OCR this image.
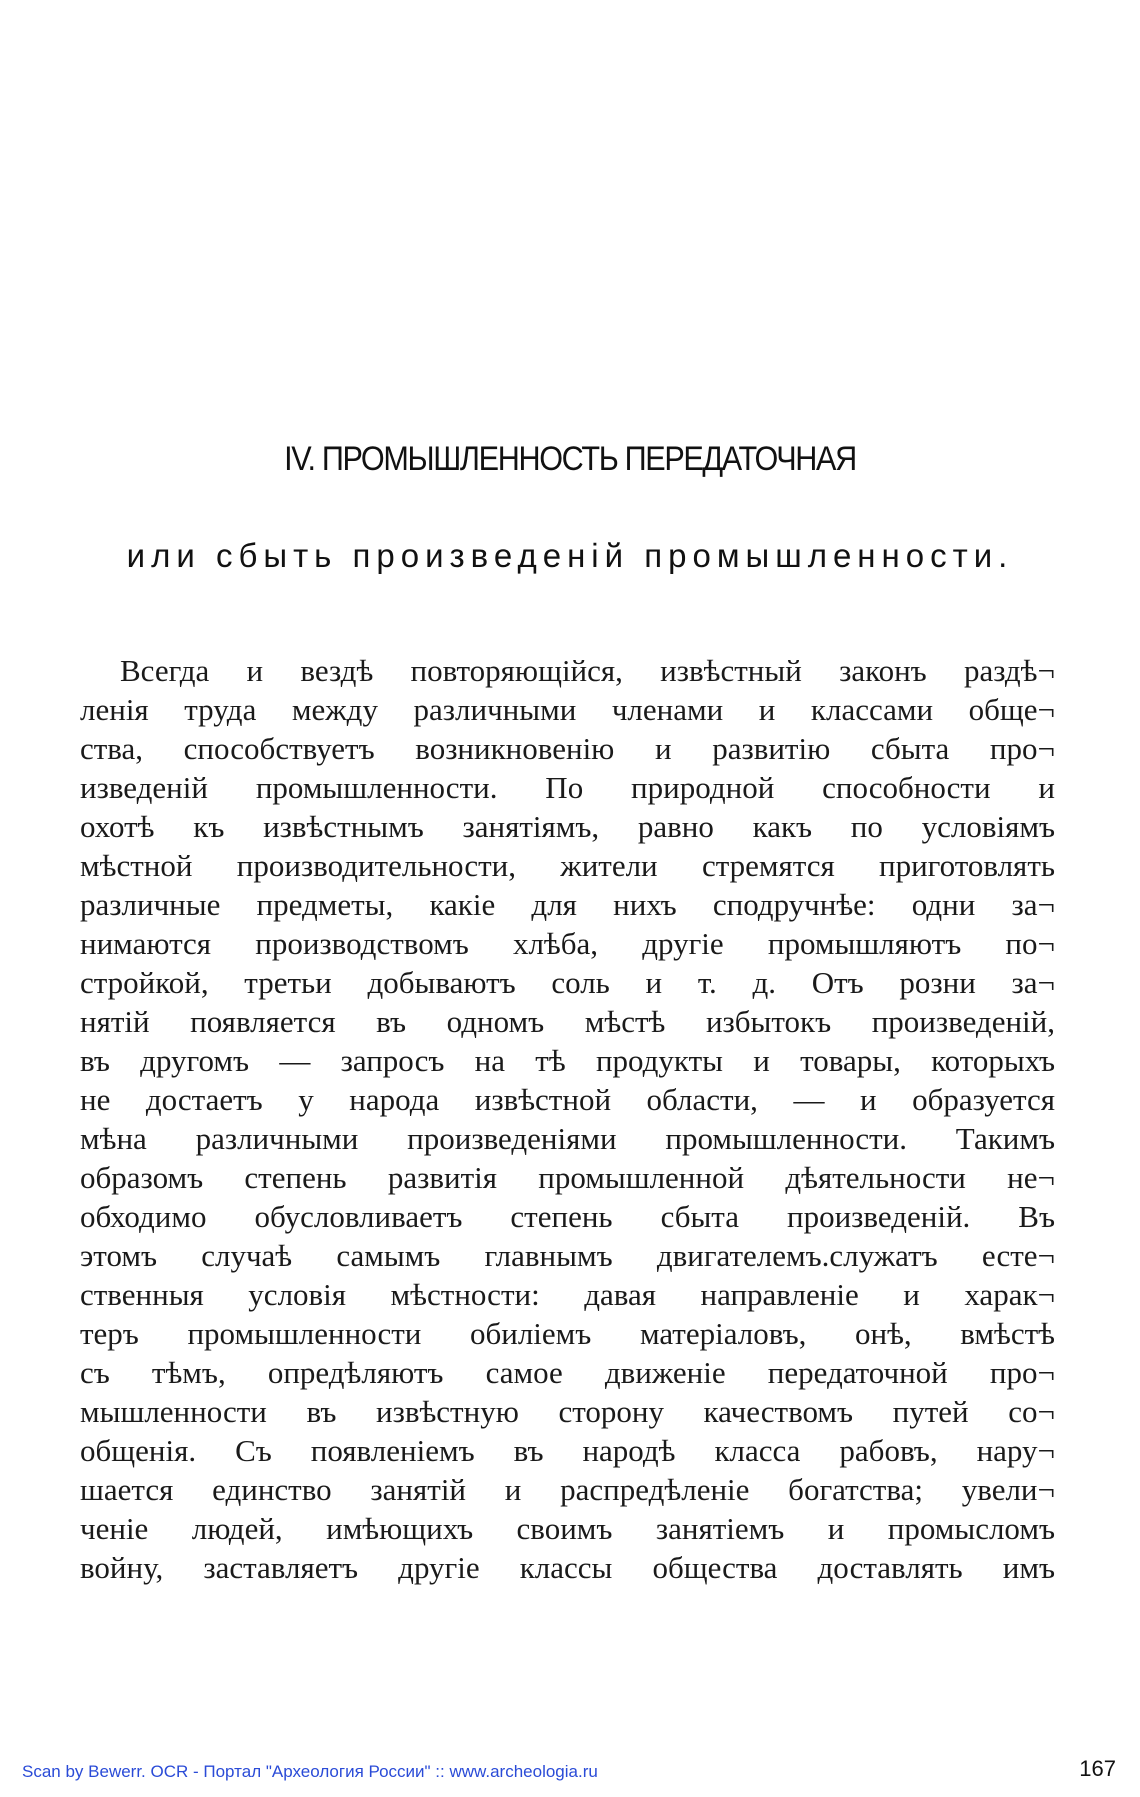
IV. ПРОМЫШЛЕННОСТЬ ПЕРЕДАТОЧНАЯ
или сбыть произведеній промышленности.
Всегда и вездѣ повторяющійся, извѣстный законъ раздѣ¬
ленія труда между различными членами и классами обще¬
ства, способствуетъ возникновенію и развитію сбыта про¬
изведеній промышленности. По природной способности и
охотѣ къ извѣстнымъ занятіямъ, равно какъ по условіямъ
мѣстной производительности, жители стремятся приготовлять
различные предметы, какіе для нихъ сподручнѣе: одни за¬
нимаются производствомъ хлѣба, другіе промышляютъ по¬
стройкой, третьи добываютъ соль и т. д. Отъ розни за¬
нятій появляется въ одномъ мѣстѣ избытокъ произведеній,
въ другомъ — запросъ на тѣ продукты и товары, которыхъ
не достаетъ у народа извѣстной области, — и образуется
мѣна различными произведеніями промышленности. Такимъ
образомъ степень развитія промышленной дѣятельности не¬
обходимо обусловливаетъ степень сбыта произведеній. Въ
этомъ случаѣ самымъ главнымъ двигателемъ.служатъ есте¬
ственныя условія мѣстности: давая направленіе и харак¬
теръ промышленности обиліемъ матеріаловъ, онѣ, вмѣстѣ
съ тѣмъ, опредѣляютъ самое движеніе передаточной про¬
мышленности въ извѣстную сторону качествомъ путей со¬
общенія. Съ появленіемъ въ народѣ класса рабовъ, нару¬
шается единство занятій и распредѣленіе богатства; увели¬
ченіе людей, имѣющихъ своимъ занятіемъ и промысломъ
войну, заставляетъ другіе классы общества доставлять имъ
Scan by Bewerr. OCR - Портал "Археология России" :: www.archeologia.ru	167
